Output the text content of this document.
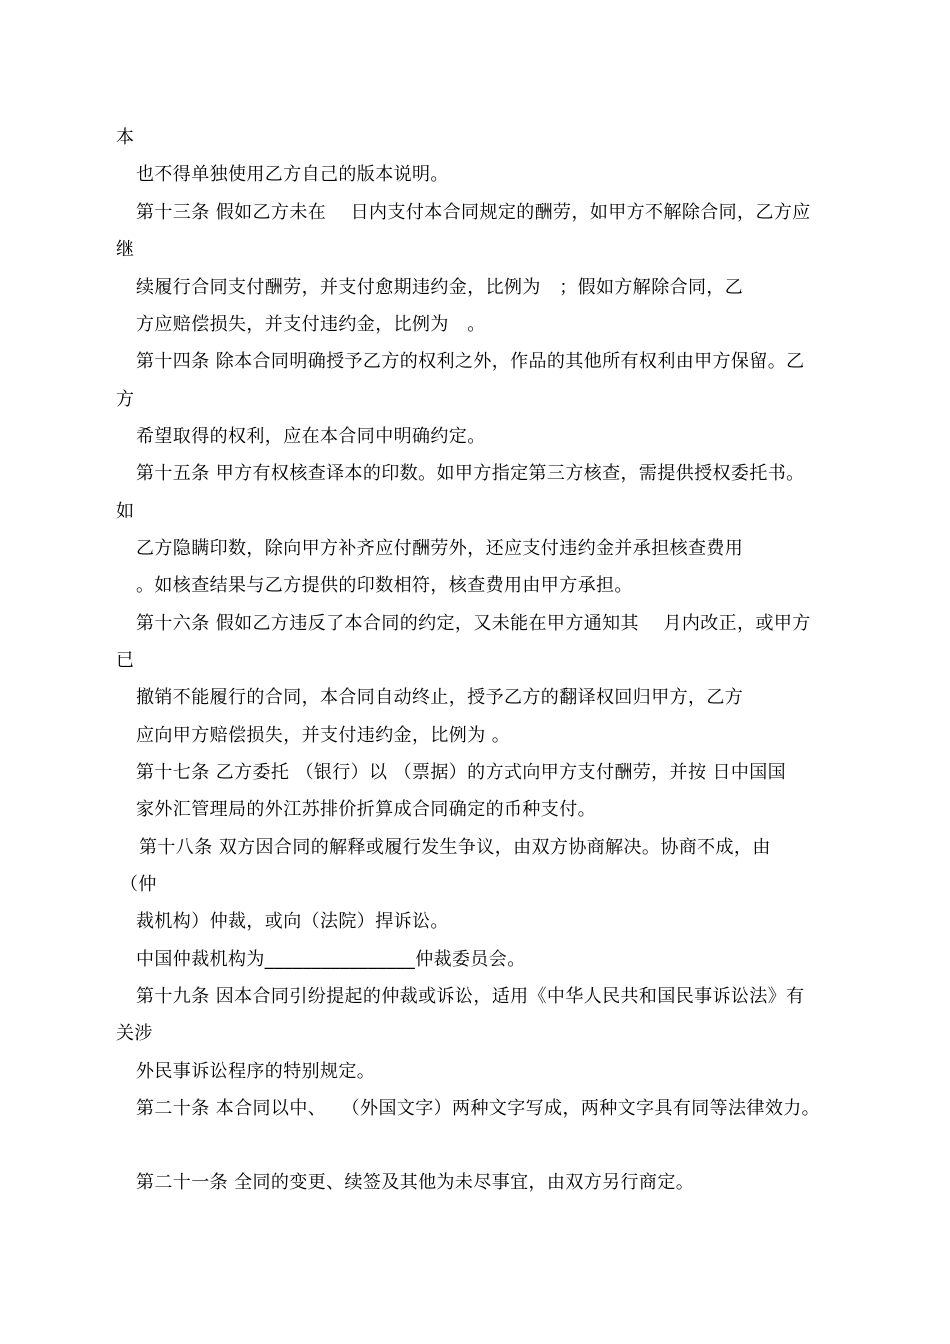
本
也不得单独使用乙方自己的版本说明。
第十三条 假如乙方未在　 日内支付本合同规定的酬劳，如甲方不解除合同，乙方应
继
续履行合同支付酬劳，并支付愈期违约金，比例为　；假如方解除合同，乙
方应赔偿损失，并支付违约金，比例为　。
第十四条 除本合同明确授予乙方的权利之外，作品的其他所有权利由甲方保留。乙
方
希望取得的权利，应在本合同中明确约定。
第十五条 甲方有权核查译本的印数。如甲方指定第三方核查，需提供授权委托书。
如
乙方隐瞒印数，除向甲方补齐应付酬劳外，还应支付违约金并承担核查费用
。如核查结果与乙方提供的印数相符，核查费用由甲方承担。
第十六条 假如乙方违反了本合同的约定，又未能在甲方通知其　 月内改正，或甲方
已
撤销不能履行的合同，本合同自动终止，授予乙方的翻译权回归甲方，乙方
应向甲方赔偿损失，并支付违约金，比例为 。
第十七条 乙方委托 （银行）以 （票据）的方式向甲方支付酬劳，并按 日中国国
家外汇管理局的外江苏排价折算成合同确定的币种支付。
第十八条 双方因合同的解释或履行发生争议，由双方协商解决。协商不成，由
（仲
裁机构）仲裁，或向（法院）捍诉讼。
中国仲裁机构为________________仲裁委员会。
第十九条 因本合同引纷提起的仲裁或诉讼，适用《中华人民共和国民事诉讼法》有
关涉
外民事诉讼程序的特别规定。
第二十条 本合同以中、　 （外国文字）两种文字写成，两种文字具有同等法律效力。
第二十一条 全同的变更、续签及其他为未尽事宜，由双方另行商定。
